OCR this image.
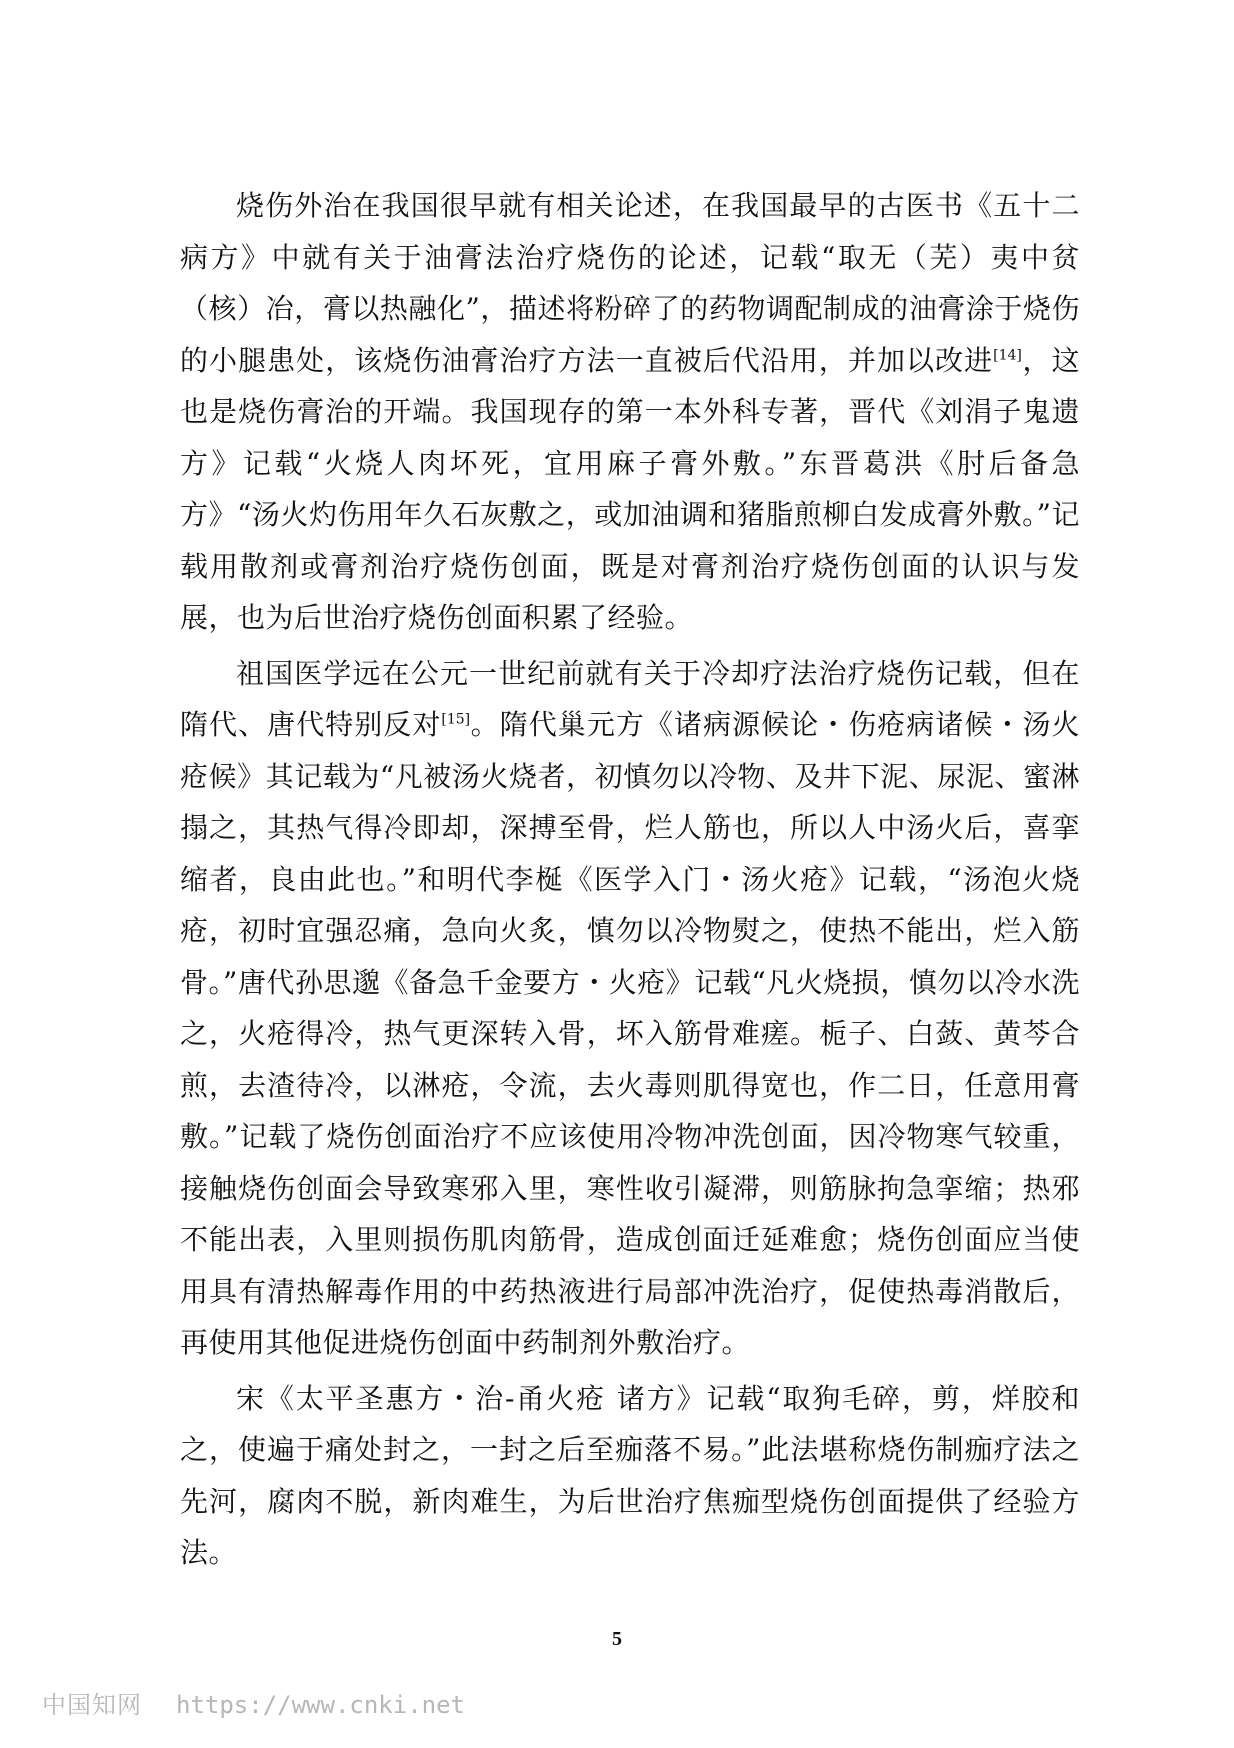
烧伤外治在我国很早就有相关论述，在我国最早的古医书《五十二病方》中就有关于油膏法治疗烧伤的论述，记载“取无（芜）夷中贫（核）冶，膏以热融化”，描述将粉碎了的药物调配制成的油膏涂于烧伤的小腿患处，该烧伤油膏治疗方法一直被后代沿用，并加以改进[14]，这也是烧伤膏治的开端。我国现存的第一本外科专著，晋代《刘涓子鬼遗方》记载“火烧人肉坏死，宜用麻子膏外敷。”东晋葛洪《肘后备急方》“汤火灼伤用年久石灰敷之，或加油调和猪脂煎柳白发成膏外敷。”记载用散剂或膏剂治疗烧伤创面，既是对膏剂治疗烧伤创面的认识与发展，也为后世治疗烧伤创面积累了经验。

祖国医学远在公元一世纪前就有关于冷却疗法治疗烧伤记载，但在隋代、唐代特别反对[15]。隋代巢元方《诸病源候论・伤疮病诸候・汤火疮候》其记载为“凡被汤火烧者，初慎勿以冷物、及井下泥、尿泥、蜜淋搨之，其热气得冷即却，深搏至骨，烂人筋也，所以人中汤火后，喜挛缩者，良由此也。”和明代李梴《医学入门・汤火疮》记载，“汤泡火烧疮，初时宜强忍痛，急向火炙，慎勿以冷物熨之，使热不能出，烂入筋骨。”唐代孙思邈《备急千金要方・火疮》记载“凡火烧损，慎勿以冷水洗之，火疮得冷，热气更深转入骨，坏入筋骨难瘥。栀子、白蔹、黄芩合煎，去渣待冷，以淋疮，令流，去火毒则肌得宽也，作二日，任意用膏敷。”记载了烧伤创面治疗不应该使用冷物冲洗创面，因冷物寒气较重，接触烧伤创面会导致寒邪入里，寒性收引凝滞，则筋脉拘急挛缩；热邪不能出表，入里则损伤肌肉筋骨，造成创面迁延难愈；烧伤创面应当使用具有清热解毒作用的中药热液进行局部冲洗治疗，促使热毒消散后，再使用其他促进烧伤创面中药制剂外敷治疗。

宋《太平圣惠方・治-甬火疮 诸方》记载“取狗毛碎，剪，烊胶和之，使遍于痛处封之，一封之后至痂落不易。”此法堪称烧伤制痂疗法之先河，腐肉不脱，新肉难生，为后世治疗焦痂型烧伤创面提供了经验方法。

5
中国知网 https://www.cnki.net
